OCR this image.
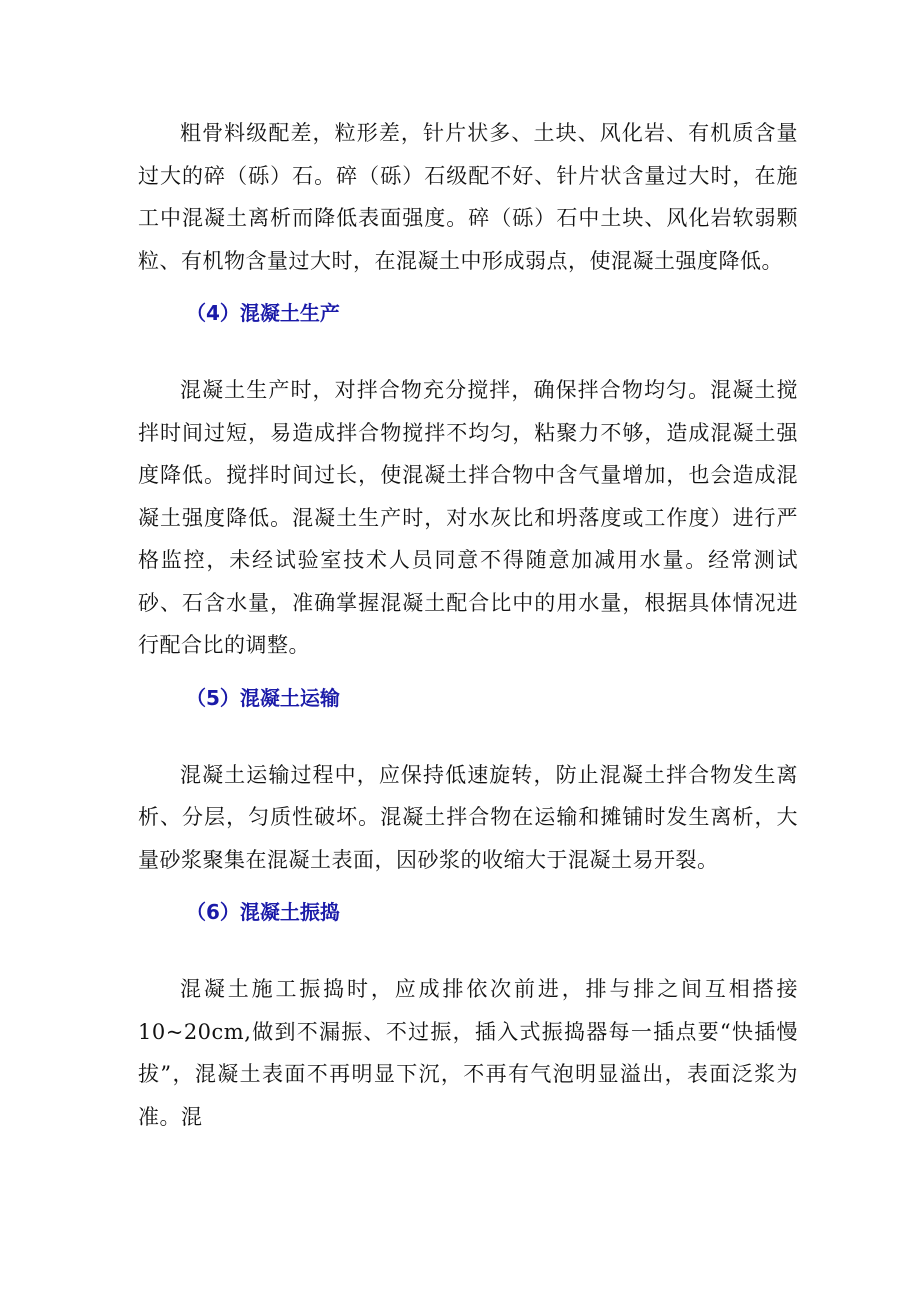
粗骨料级配差，粒形差，针片状多、土块、风化岩、有机质含量过大的碎（砾）石。碎（砾）石级配不好、针片状含量过大时，在施工中混凝土离析而降低表面强度。碎（砾）石中土块、风化岩软弱颗粒、有机物含量过大时，在混凝土中形成弱点，使混凝土强度降低。

（4）混凝土生产

混凝土生产时，对拌合物充分搅拌，确保拌合物均匀。混凝土搅拌时间过短，易造成拌合物搅拌不均匀，粘聚力不够，造成混凝土强度降低。搅拌时间过长，使混凝土拌合物中含气量增加，也会造成混凝土强度降低。混凝土生产时，对水灰比和坍落度或工作度）进行严格监控，未经试验室技术人员同意不得随意加减用水量。经常测试砂、石含水量，准确掌握混凝土配合比中的用水量，根据具体情况进行配合比的调整。

（5）混凝土运输

混凝土运输过程中，应保持低速旋转，防止混凝土拌合物发生离析、分层，匀质性破坏。混凝土拌合物在运输和摊铺时发生离析，大量砂浆聚集在混凝土表面，因砂浆的收缩大于混凝土易开裂。

（6）混凝土振捣

混凝土施工振捣时，应成排依次前进，排与排之间互相搭接10~20cm,做到不漏振、不过振，插入式振捣器每一插点要“快插慢拔”，混凝土表面不再明显下沉，不再有气泡明显溢出，表面泛浆为准。混
